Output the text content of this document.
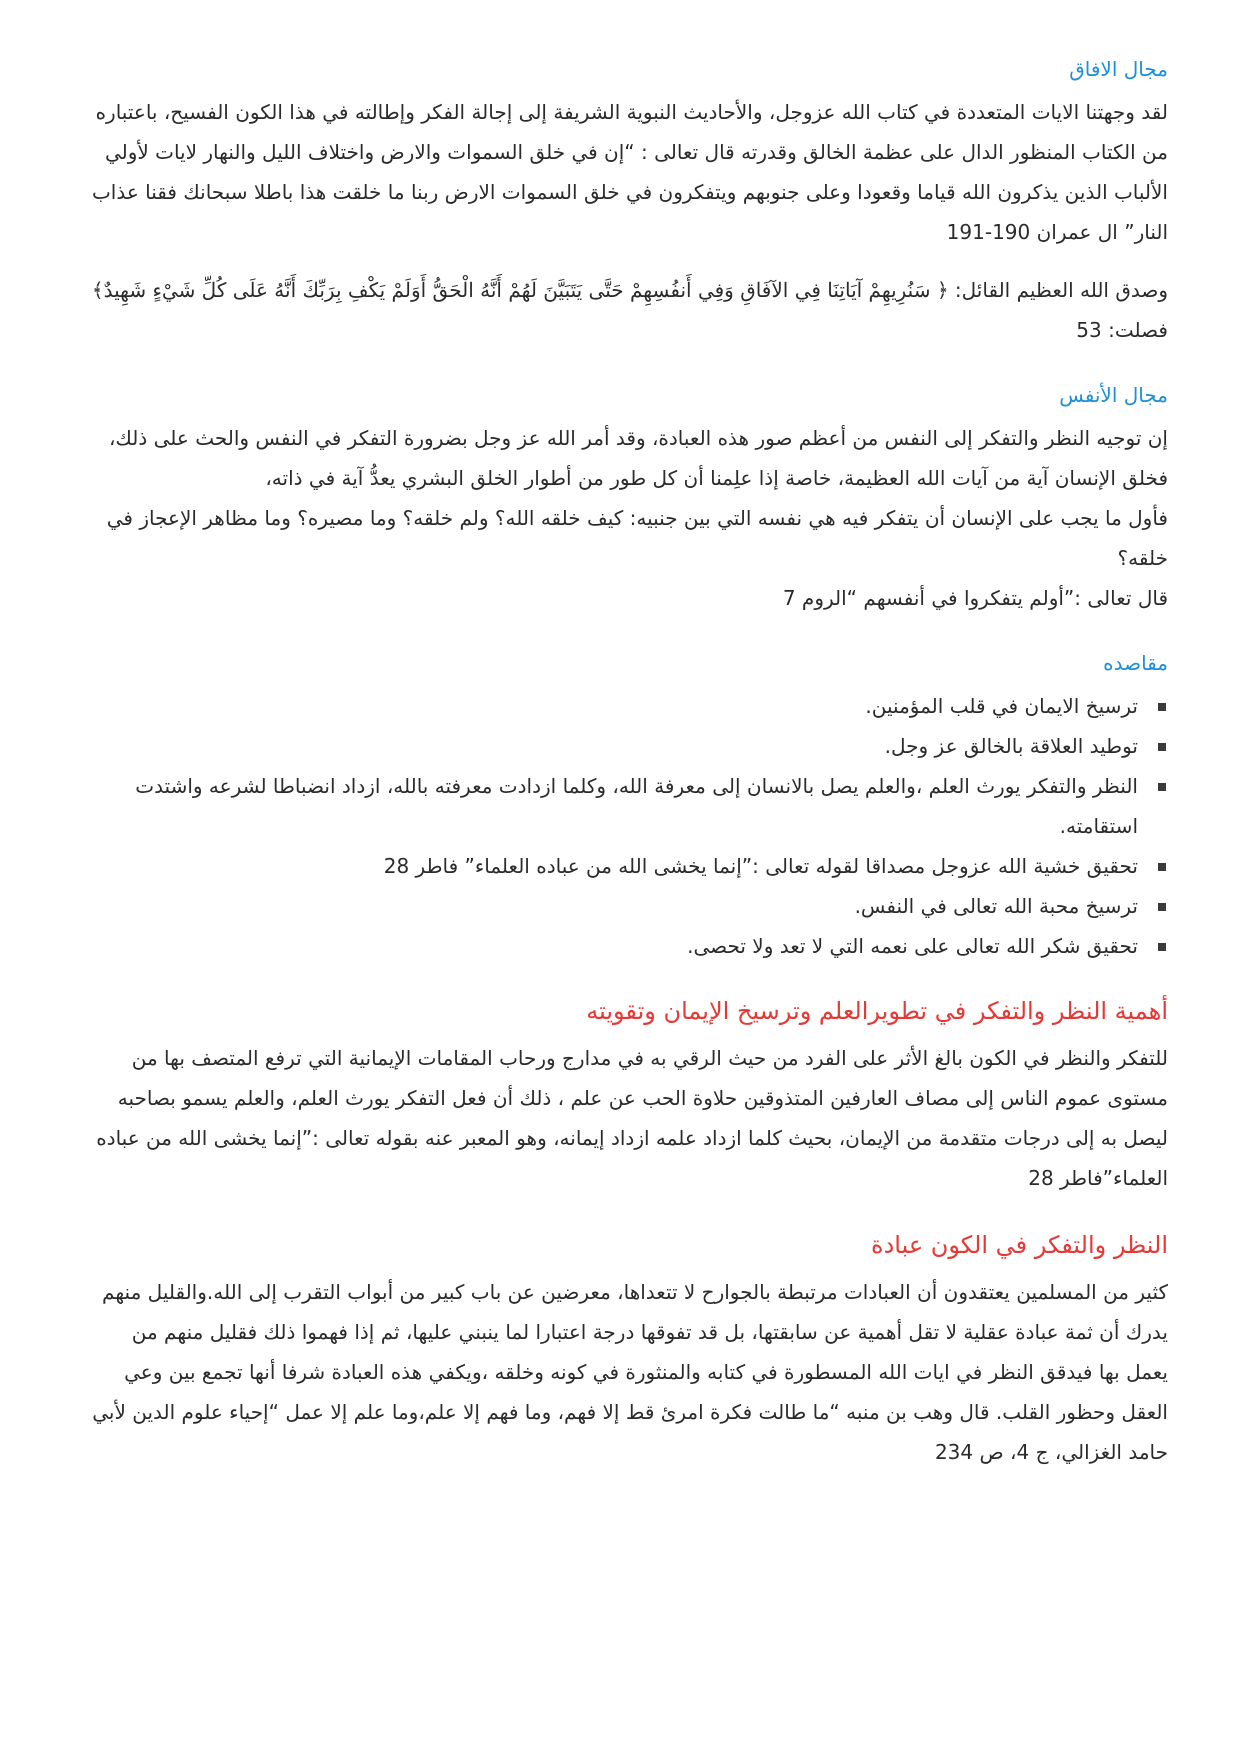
مجال الافاق

لقد وجهتنا الايات المتعددة في كتاب الله عزوجل، والأحاديث النبوية الشريفة إلى إجالة الفكر وإطالته في هذا الكون الفسيح، باعتباره من الكتاب المنظور الدال على عظمة الخالق وقدرته قال تعالى : “إن في خلق السموات والارض واختلاف الليل والنهار لايات لأولي الألباب الذين يذكرون الله قياما وقعودا وعلى جنوبهم ويتفكرون في خلق السموات الارض ربنا ما خلقت هذا باطلا سبحانك فقنا عذاب النار” ال عمران 190-191

وصدق الله العظيم القائل: ﴿ سَنُرِيهِمْ آيَاتِنَا فِي الآفَاقِ وَفِي أَنفُسِهِمْ حَتَّى يَتَبَيَّنَ لَهُمْ أَنَّهُ الْحَقُّ أَوَلَمْ يَكْفِ بِرَبِّكَ أَنَّهُ عَلَى كُلِّ شَيْءٍ شَهِيدٌ﴾
فصلت: 53

مجال الأنفس

إن توجيه النظر والتفكر إلى النفس من أعظم صور هذه العبادة، وقد أمر الله عز وجل بضرورة التفكر في النفس والحث على ذلك، فخلق الإنسان آية من آيات الله العظيمة، خاصة إذا علِمنا أن كل طور من أطوار الخلق البشري يعدُّ آية في ذاته،

فأول ما يجب على الإنسان أن يتفكر فيه هي نفسه التي بين جنبيه: كيف خلقه الله؟ ولم خلقه؟ وما مصيره؟ وما مظاهر الإعجاز في خلقه؟

قال تعالى :”أولم يتفكروا في أنفسهم “الروم 7

مقاصده
ترسيخ الايمان في قلب المؤمنين.
توطيد العلاقة بالخالق عز وجل.
النظر والتفكر يورث العلم ،والعلم يصل بالانسان إلى معرفة الله، وكلما ازدادت معرفته بالله، ازداد انضباطا لشرعه واشتدت استقامته.
تحقيق خشية الله عزوجل مصداقا لقوله تعالى :”إنما يخشى الله من عباده العلماء” فاطر 28
ترسيخ محبة الله تعالى في النفس.
تحقيق شكر الله تعالى على نعمه التي لا تعد ولا تحصى.
أهمية النظر والتفكر في تطويرالعلم وترسيخ الإيمان وتقويته

للتفكر والنظر في الكون بالغ الأثر على الفرد من حيث الرقي به في مدارج ورحاب المقامات الإيمانية التي ترفع المتصف بها من مستوى عموم الناس إلى مصاف العارفين المتذوقين حلاوة الحب عن علم ، ذلك أن فعل التفكر يورث العلم، والعلم يسمو بصاحبه ليصل به إلى درجات متقدمة من الإيمان، بحيث كلما ازداد علمه ازداد إيمانه، وهو المعبر عنه بقوله تعالى :”إنما يخشى الله من عباده العلماء”فاطر 28

النظر والتفكر في الكون عبادة

كثير من المسلمين يعتقدون أن العبادات مرتبطة بالجوارح لا تتعداها، معرضين عن باب كبير من أبواب التقرب إلى الله.والقليل منهم يدرك أن ثمة عبادة عقلية لا تقل أهمية عن سابقتها، بل قد تفوقها درجة اعتبارا لما ينبني عليها، ثم إذا فهموا ذلك فقليل منهم من يعمل بها فيدقق النظر في ايات الله المسطورة في كتابه والمنثورة في كونه وخلقه ،ويكفي هذه العبادة شرفا أنها تجمع بين وعي العقل وحظور القلب. قال وهب بن منبه “ما طالت فكرة امرئ قط إلا فهم، وما فهم إلا علم،وما علم إلا عمل “إحياء علوم الدين لأبي حامد الغزالي، ج 4، ص 234
